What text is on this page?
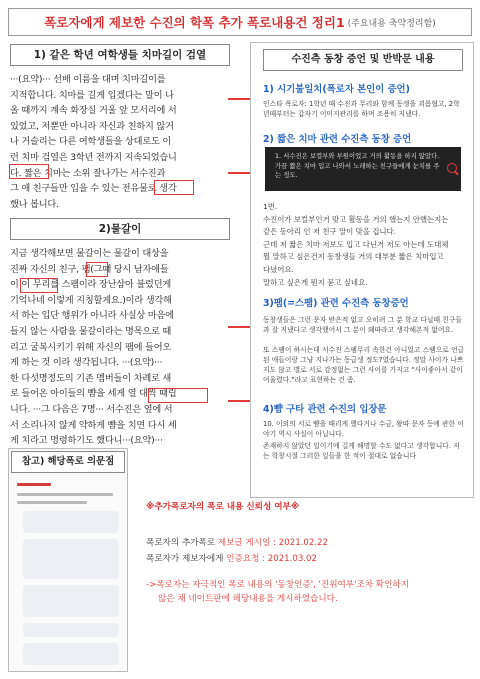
폭로자에게 제보한 수진의 학폭 추가 폭로내용건 정리1 (주요내용 축약정리함)
1) 같은 학년 여학생들 치마길이 검열
···(요약)··· 선배 이름을 대며 치마길이를
지적합니다. 치마를 길게 입겠다는 말이 나
올 때까지 계속 화장실 거울 앞 모서리에 서
있었고, 저뿐만 아니라 자신과 친하지 않거
나 거슬리는 다른 여학생들을 상대로도 이
런 치마 검열은 3학년 전까지 지속되었습니
다. 짧은 치마는 소위 잘나가는 서수진과
그 애 친구들만 입을 수 있는 전유물로 생각
했나 봅니다.
2)물갈이
지금 생각해보면 물갈이는 물갈이 대상을
진짜 자신의 친구, 팸(그때 당시 남자애들
이 이 무리를 스팸이라 장난삼아 불렀던게
기억나네 이렇게 지칭할게요.)이라 생각해
서 하는 입단 행위가 아니라 사실상 마음에
들지 않는 사람을 물갈이라는 명목으로 때
리고 굴복시키기 위해 자신의 팸에 들어오
게 하는 것 이라 생각됩니다. ···(요약)···
한 다섯명정도의 기존 멤버들이 차례로 새
로 들어온 아이들의 뺨을 세게 열 대씩 때립
니다. ···그 다음은 7명··· 서수진은 옆에 서
서 소리나지 않게 약하게 뺨을 치면 다시 세
게 치라고 명령하기도 했다니···(요약)···
수진측 동창 증언 및 반박문 내용
1) 시기불일치(폭로자 본인이 증언)
인스타 폭로자: 1학년 때 수진과 무리와 함께 동생을 괴롭혔고, 2학년때부터는 갑자기 이미지관리를 하며 조용히 지냈다.
2) 짧은 치마 관련 수진측 동창 증언
1. 서수진은 보컬부와 부원이었고 거의 활동을 하지 않았다. 가끔 짧은 치마 입고 나와서 노래하는 친구들에게 눈치를 주는 정도.
1번.
수진이가 보컬부인거 맞고 활동을 거의 했는지 안했는지는
같은 동아리 인 저 친구 말이 맞을 겁니다.
근데 저 짧은 치마 저보도 입고 다닌거 저도 아는데 도대체
뭘 말하고 싶은건지 동창생들 거의 대부분 짧은 치마입고
다녔어요.
말하고 싶은게 뭔지 묻고 싶네요.
3)팸(=스팸) 관련 수진측 동창증언
동창생들은 그런 문자 받은적 없고 오히려 그 분 학교 다닐때 친구들과 잘 지냈다고 생각했어서 그 분이 왜따라고 생각해본적 없어요.
또 스팸이 하시는데 서수진 스팸무리 속한건 아니었고 스팸으로 언급된 애들이랑 그냥 지나가는 동급생 정도?였습니다. 정말 사이가 나쁘지도 않고 별로 서로 감정없는 그런 사이를 가지고 "사이좋아서 같이 어울렸다."라고 표현하는 건 좀.
4)뺨 구타 관련 수진의 입장문
10. 이외의 서로 뺨을 때리게 했다거나 수금, 왕따 문자 등에 관한 이야기 역시 사실이 아닙니다.
존재하지 않았던 일이기에 길게 해명할 수도 없다고 생각합니다. 저는 학창시절 그러한 일들을 한 적이 절대로 없습니다
참고) 해당폭로 의문점
※추가폭로자의 폭로 내용 신뢰성 여부※
폭로자의 추가폭로 제보글 게시일 : 2021.02.22
폭로자가 제보자에게 인증요청 : 2021.03.02
->폭로자는 자극적인 폭로 내용의 '동창인증', '진위여부'조차 확인하지
않은 채 네이트판에 해당내용을 게시하였습니다.
